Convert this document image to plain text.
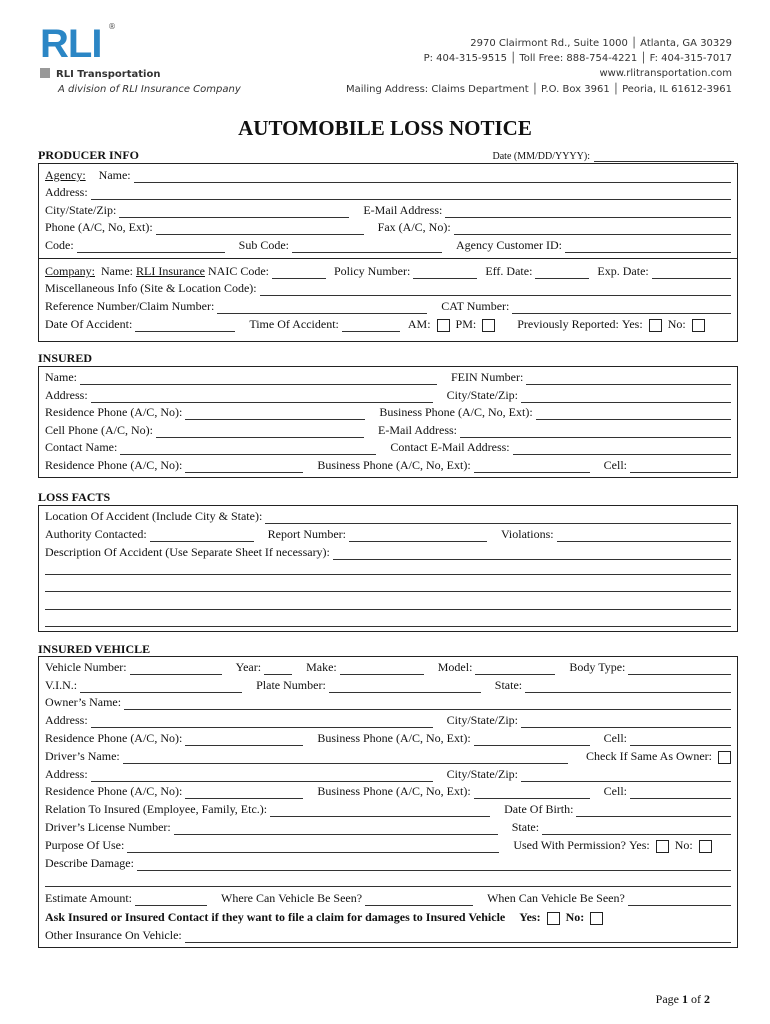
RLI ®
RLI Transportation
A division of RLI Insurance Company
2970 Clairmont Rd., Suite 1000 │ Atlanta, GA 30329
P: 404-315-9515 │ Toll Free: 888-754-4221 │ F: 404-315-7017
www.rlitransportation.com
Mailing Address: Claims Department │ P.O. Box 3961 │ Peoria, IL 61612-3961
AUTOMOBILE LOSS NOTICE
PRODUCER INFO	Date (MM/DD/YYYY):
Agency: Name:
Address:
City/State/Zip:	E-Mail Address:
Phone (A/C, No, Ext):	Fax (A/C, No):
Code:	Sub Code:	Agency Customer ID:
Company: Name: RLI Insurance NAIC Code:	Policy Number:	Eff. Date:	Exp. Date:
Miscellaneous Info (Site & Location Code):
Reference Number/Claim Number:	CAT Number:
Date Of Accident:	Time Of Accident:	AM: PM:	Previously Reported: Yes: No:
INSURED
Name:	FEIN Number:
Address:	City/State/Zip:
Residence Phone (A/C, No):	Business Phone (A/C, No, Ext):
Cell Phone (A/C, No):	E-Mail Address:
Contact Name:	Contact E-Mail Address:
Residence Phone (A/C, No):	Business Phone (A/C, No, Ext):	Cell:
LOSS FACTS
Location Of Accident (Include City & State):
Authority Contacted:	Report Number:	Violations:
Description Of Accident (Use Separate Sheet If necessary):
INSURED VEHICLE
Vehicle Number:	Year:	Make:	Model:	Body Type:
V.I.N.:	Plate Number:	State:
Owner’s Name:
Address:	City/State/Zip:
Residence Phone (A/C, No):	Business Phone (A/C, No, Ext):	Cell:
Driver’s Name:	Check If Same As Owner:
Address:	City/State/Zip:
Residence Phone (A/C, No):	Business Phone (A/C, No, Ext):	Cell:
Relation To Insured (Employee, Family, Etc.):	Date Of Birth:
Driver’s License Number:	State:
Purpose Of Use:	Used With Permission? Yes: No:
Describe Damage:
Estimate Amount:	Where Can Vehicle Be Seen?	When Can Vehicle Be Seen?
Ask Insured or Insured Contact if they want to file a claim for damages to Insured Vehicle Yes: No:
Other Insurance On Vehicle:
Page 1 of 2
